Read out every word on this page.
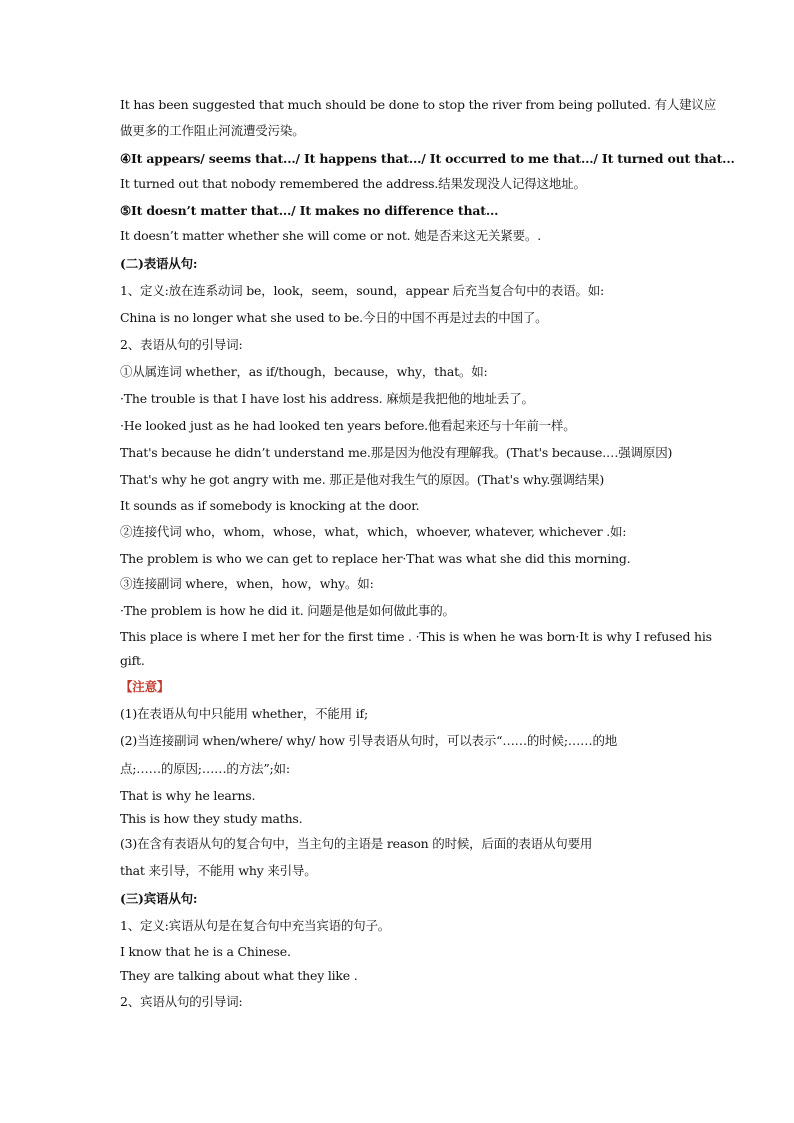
It has been suggested that much should be done to stop the river from being polluted. 有人建议应
做更多的工作阻止河流遭受污染。
④It appears/ seems that.../ It happens that.../ It occurred to me that.../ It turned out that...
It turned out that nobody remembered the address.结果发现没人记得这地址。
⑤It doesn’t matter that.../ It makes no difference that...
It doesn’t matter whether she will come or not. 她是否来这无关紧要。.
(二)表语从句:
1、定义:放在连系动词 be，look，seem，sound，appear 后充当复合句中的表语。如:
China is no longer what she used to be.今日的中国不再是过去的中国了。
2、表语从句的引导词:
①从属连词 whether，as if/though，because，why，that。如:
·The trouble is that I have lost his address. 麻烦是我把他的地址丢了。
·He looked just as he had looked ten years before.他看起来还与十年前一样。
That's because he didn’t understand me.那是因为他没有理解我。(That's because.…强调原因)
That's why he got angry with me. 那正是他对我生气的原因。(That's why.强调结果)
It sounds as if somebody is knocking at the door.
②连接代词 who，whom，whose，what，which，whoever, whatever, whichever .如:
The problem is who we can get to replace her·That was what she did this morning.
③连接副词 where，when，how，why。如:
·The problem is how he did it. 问题是他是如何做此事的。
This place is where I met her for the first time . ·This is when he was born·It is why I refused his
gift.
【注意】
(1)在表语从句中只能用 whether，不能用 if;
(2)当连接副词 when/where/ why/ how 引导表语从句时，可以表示“……的时候;……的地
点;……的原因;……的方法”;如:
That is why he learns.
This is how they study maths.
(3)在含有表语从句的复合句中，当主句的主语是 reason 的时候，后面的表语从句要用
that 来引导，不能用 why 来引导。
(三)宾语从句:
1、定义:宾语从句是在复合句中充当宾语的句子。
I know that he is a Chinese.
They are talking about what they like .
2、宾语从句的引导词:
